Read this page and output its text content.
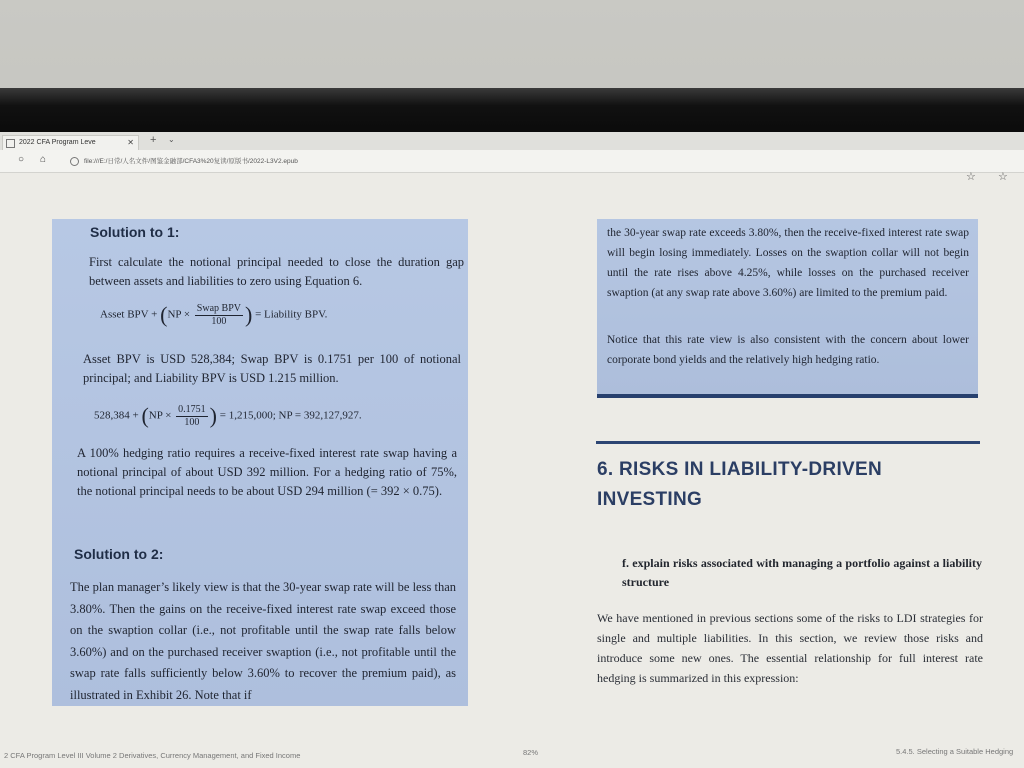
2022 CFA Program Leve	✕ + ⌄
○ ⌂	file:///E:/日常/人名文件/图鉴金融部/CFA3%20复读/原版书/2022-L3V2.epub
☆ ☆
Solution to 1:
First calculate the notional principal needed to close the duration gap between assets and liabilities to zero using Equation 6.
Asset BPV + ($NP \times \frac{\text{Swap BPV}}{100}$ ) = Liability BPV.
Asset BPV is USD 528,384; Swap BPV is 0.1751 per 100 of notional principal; and Liability BPV is USD 1.215 million.
$528,384 + (NP \times \frac{0.1751}{100}$ ) = 1,215,000; NP = 392,127,927.
A 100% hedging ratio requires a receive-fixed interest rate swap having a notional principal of about USD 392 million. For a hedging ratio of 75%, the notional principal needs to be about USD 294 million (= 392 × 0.75).
Solution to 2:
The plan manager’s likely view is that the 30-year swap rate will be less than 3.80%. Then the gains on the receive-fixed interest rate swap exceed those on the swaption collar (i.e., not profitable until the swap rate falls below 3.60%) and on the purchased receiver swaption (i.e., not profitable until the swap rate falls sufficiently below 3.60% to recover the premium paid), as illustrated in Exhibit 26. Note that if
the 30-year swap rate exceeds 3.80%, then the receive-fixed interest rate swap will begin losing immediately. Losses on the swaption collar will not begin until the rate rises above 4.25%, while losses on the purchased receiver swaption (at any swap rate above 3.60%) are limited to the premium paid.
Notice that this rate view is also consistent with the concern about lower corporate bond yields and the relatively high hedging ratio.
6. RISKS IN LIABILITY-DRIVEN
INVESTING
f. explain risks associated with managing a portfolio against a liability structure
We have mentioned in previous sections some of the risks to LDI strategies for single and multiple liabilities. In this section, we review those risks and introduce some new ones. The essential relationship for full interest rate hedging is summarized in this expression:
2 CFA Program Level III Volume 2 Derivatives, Currency Management, and Fixed Income	82%	5.4.5. Selecting a Suitable Hedging
